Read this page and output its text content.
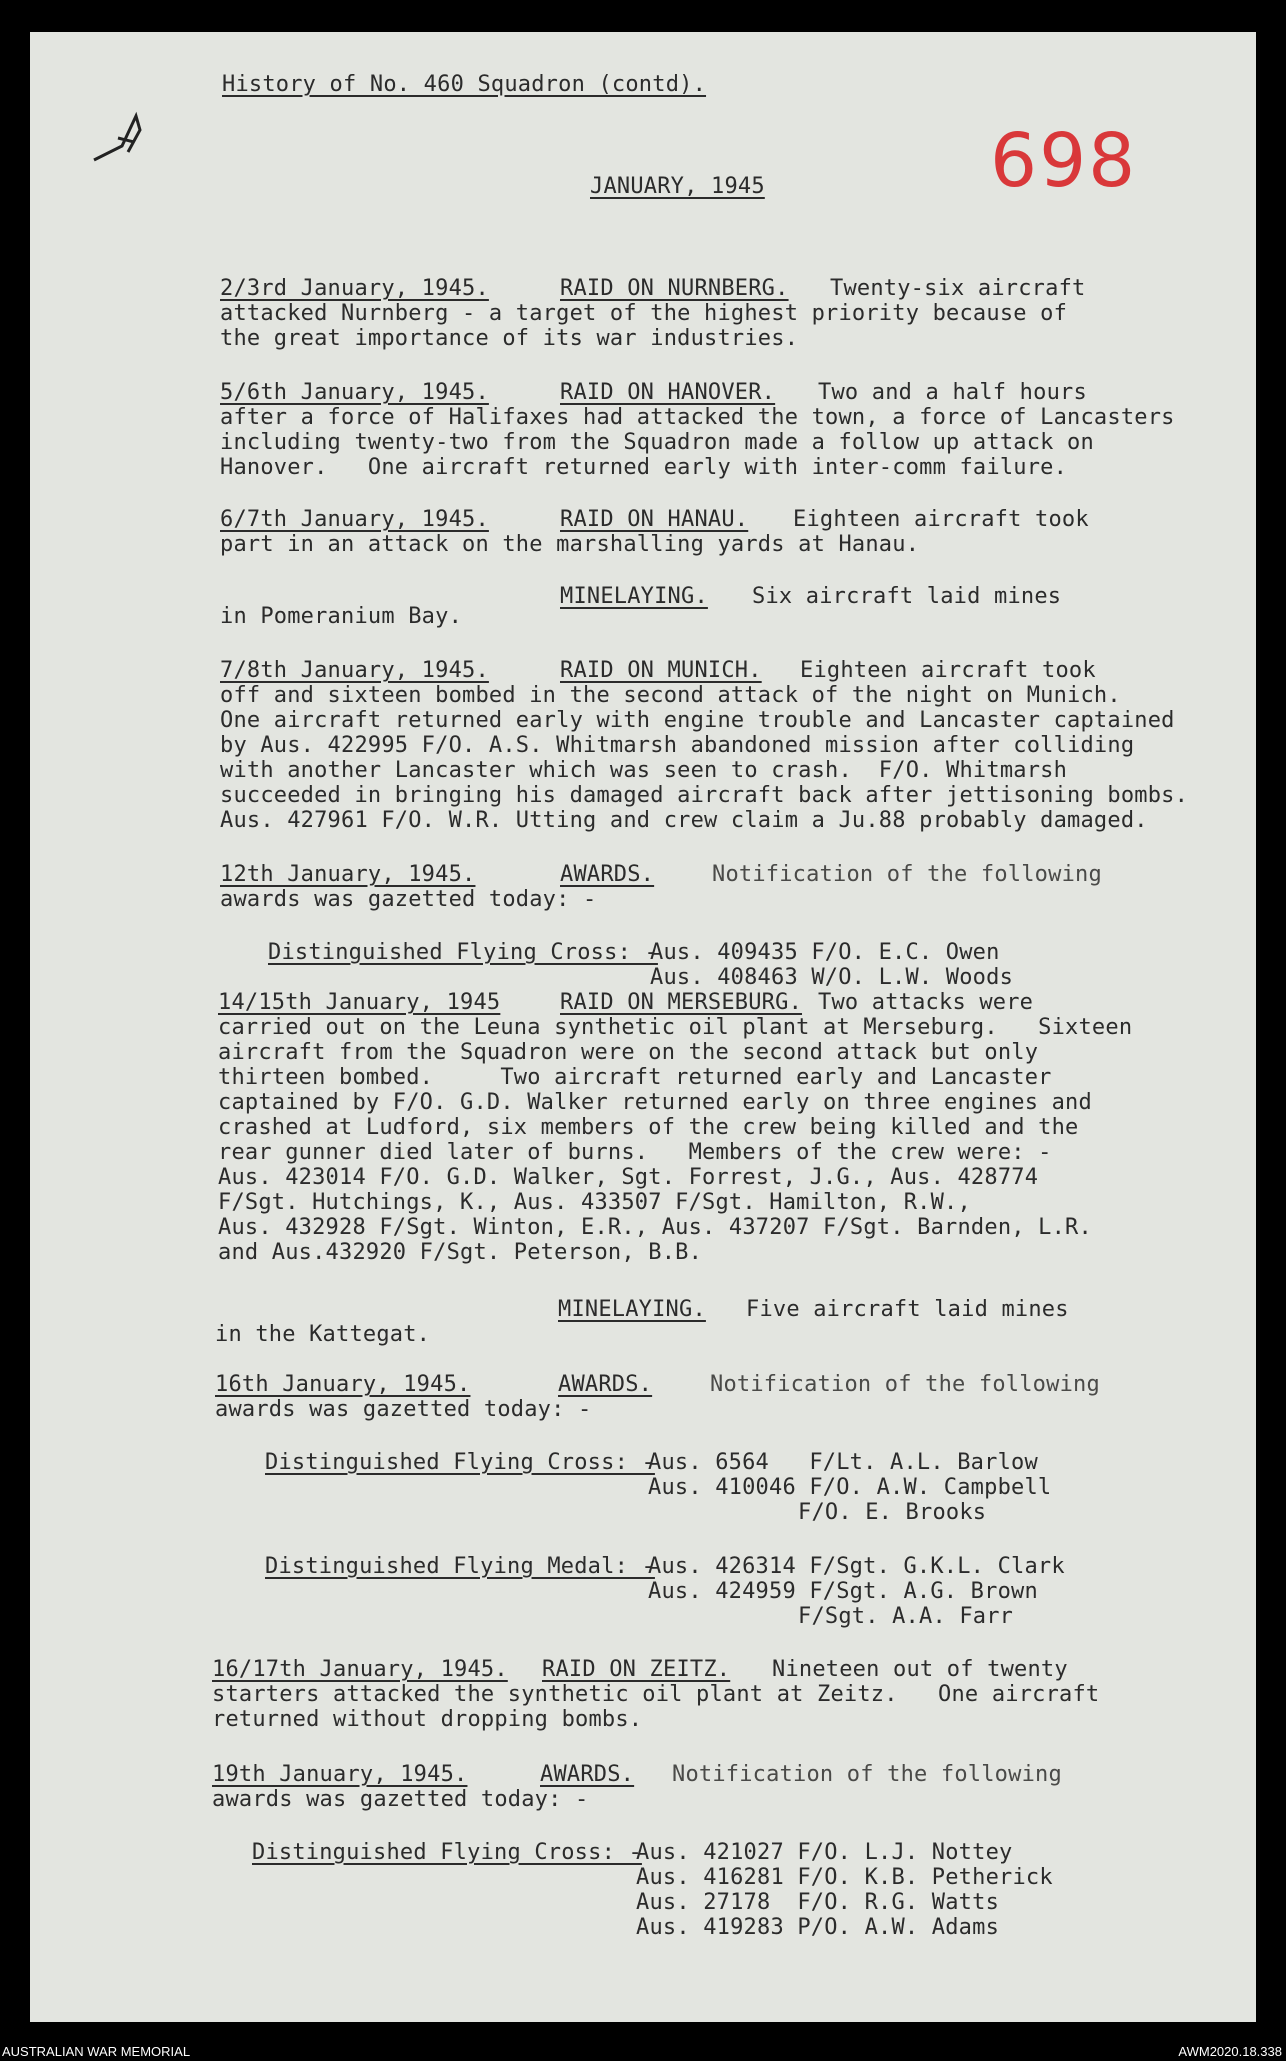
History of No. 460 Squadron (contd).
698
JANUARY, 1945
2/3rd January, 1945.	RAID ON NURNBERG. Twenty-six aircraft
attacked Nurnberg - a target of the highest priority because of
the great importance of its war industries.
5/6th January, 1945.	RAID ON HANOVER. Two and a half hours
after a force of Halifaxes had attacked the town, a force of Lancasters
including twenty-two from the Squadron made a follow up attack on
Hanover.   One aircraft returned early with inter-comm failure.
6/7th January, 1945.	RAID ON HANAU. Eighteen aircraft took
part in an attack on the marshalling yards at Hanau.
MINELAYING. Six aircraft laid mines
in Pomeranium Bay.
7/8th January, 1945.	RAID ON MUNICH. Eighteen aircraft took
off and sixteen bombed in the second attack of the night on Munich.
One aircraft returned early with engine trouble and Lancaster captained
by Aus. 422995 F/O. A.S. Whitmarsh abandoned mission after colliding
with another Lancaster which was seen to crash.  F/O. Whitmarsh
succeeded in bringing his damaged aircraft back after jettisoning bombs.
Aus. 427961 F/O. W.R. Utting and crew claim a Ju.88 probably damaged.
12th January, 1945.	AWARDS.	Notification of the following
awards was gazetted today: -
Distinguished Flying Cross: -
Aus. 409435 F/O. E.C. Owen
Aus. 408463 W/O. L.W. Woods
14/15th January, 1945	RAID ON MERSEBURG. Two attacks were
carried out on the Leuna synthetic oil plant at Merseburg.   Sixteen
aircraft from the Squadron were on the second attack but only
thirteen bombed.     Two aircraft returned early and Lancaster
captained by F/O. G.D. Walker returned early on three engines and
crashed at Ludford, six members of the crew being killed and the
rear gunner died later of burns.   Members of the crew were: -
Aus. 423014 F/O. G.D. Walker, Sgt. Forrest, J.G., Aus. 428774
F/Sgt. Hutchings, K., Aus. 433507 F/Sgt. Hamilton, R.W.,
Aus. 432928 F/Sgt. Winton, E.R., Aus. 437207 F/Sgt. Barnden, L.R.
and Aus.432920 F/Sgt. Peterson, B.B.
MINELAYING. Five aircraft laid mines
in the Kattegat.
16th January, 1945.	AWARDS.	Notification of the following
awards was gazetted today: -
Distinguished Flying Cross: -
Aus. 6564   F/Lt. A.L. Barlow
Aus. 410046 F/O. A.W. Campbell
F/O. E. Brooks
Distinguished Flying Medal: -
Aus. 426314 F/Sgt. G.K.L. Clark
Aus. 424959 F/Sgt. A.G. Brown
F/Sgt. A.A. Farr
16/17th January, 1945. RAID ON ZEITZ. Nineteen out of twenty
starters attacked the synthetic oil plant at Zeitz.   One aircraft
returned without dropping bombs.
19th January, 1945.	AWARDS. Notification of the following
awards was gazetted today: -
Distinguished Flying Cross: -
Aus. 421027 F/O. L.J. Nottey
Aus. 416281 F/O. K.B. Petherick
Aus. 27178  F/O. R.G. Watts
Aus. 419283 P/O. A.W. Adams
AUSTRALIAN WAR MEMORIAL	AWM2020.18.338
